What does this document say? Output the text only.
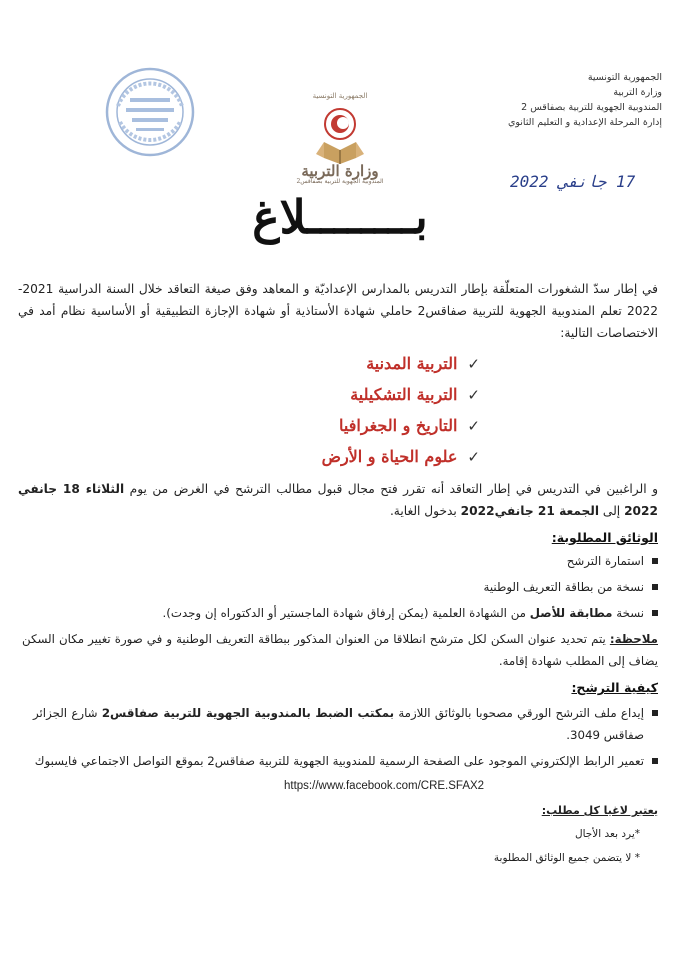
الجمهورية التونسية
وزارة التربية
المندوبية الجهوية للتربية بصفاقس 2
إدارة المرحلة الإعدادية و التعليم الثانوي
الجمهورية التونسية
وزارة التربية
المندوبية الجهوية للتربية بصفاقس2	17 جانفي 2022
بــــــــلاغ
في إطار سدّ الشغورات المتعلّقة بإطار التدريس بالمدارس الإعداديّة و المعاهد وفق صيغة التعاقد خلال السنة الدراسية 2021-2022 تعلم المندوبية الجهوية للتربية صفاقس2 حاملي شهادة الأستاذية أو شهادة الإجازة التطبيقية أو الأساسية نظام أمد في الاختصاصات التالية:
✓
التربية المدنية
✓
التربية التشكيلية
✓
التاريخ و الجغرافيا
✓
علوم الحياة و الأرض
و الراغبين في التدريس في إطار التعاقد أنه تقرر فتح مجال قبول مطالب الترشح في الغرض من يوم الثلاثاء 18 جانفي 2022 إلى الجمعة 21 جانفي2022 بدخول الغاية.
الوثائق المطلوبة:
استمارة الترشح
نسخة من بطاقة التعريف الوطنية
نسخة مطابقة للأصل من الشهادة العلمية (يمكن إرفاق شهادة الماجستير أو الدكتوراه إن وجدت).
ملاحظة: يتم تحديد عنوان السكن لكل مترشح انطلاقا من العنوان المذكور ببطاقة التعريف الوطنية و في صورة تغيير مكان السكن يضاف إلى المطلب شهادة إقامة.
كيفية الترشح:
إيداع ملف الترشح الورقي مصحوبا بالوثائق اللازمة بمكتب الضبط بالمندوبية الجهوية للتربية صفاقس2 شارع الجزائر صفاقس 3049.
تعمير الرابط الإلكتروني الموجود على الصفحة الرسمية للمندوبية الجهوية للتربية صفاقس2 بموقع التواصل الاجتماعي فايسبوك
https://www.facebook.com/CRE.SFAX2
يعتبر لاغيا كل مطلب:
*يرد بعد الأجال
* لا يتضمن جميع الوثائق المطلوبة
